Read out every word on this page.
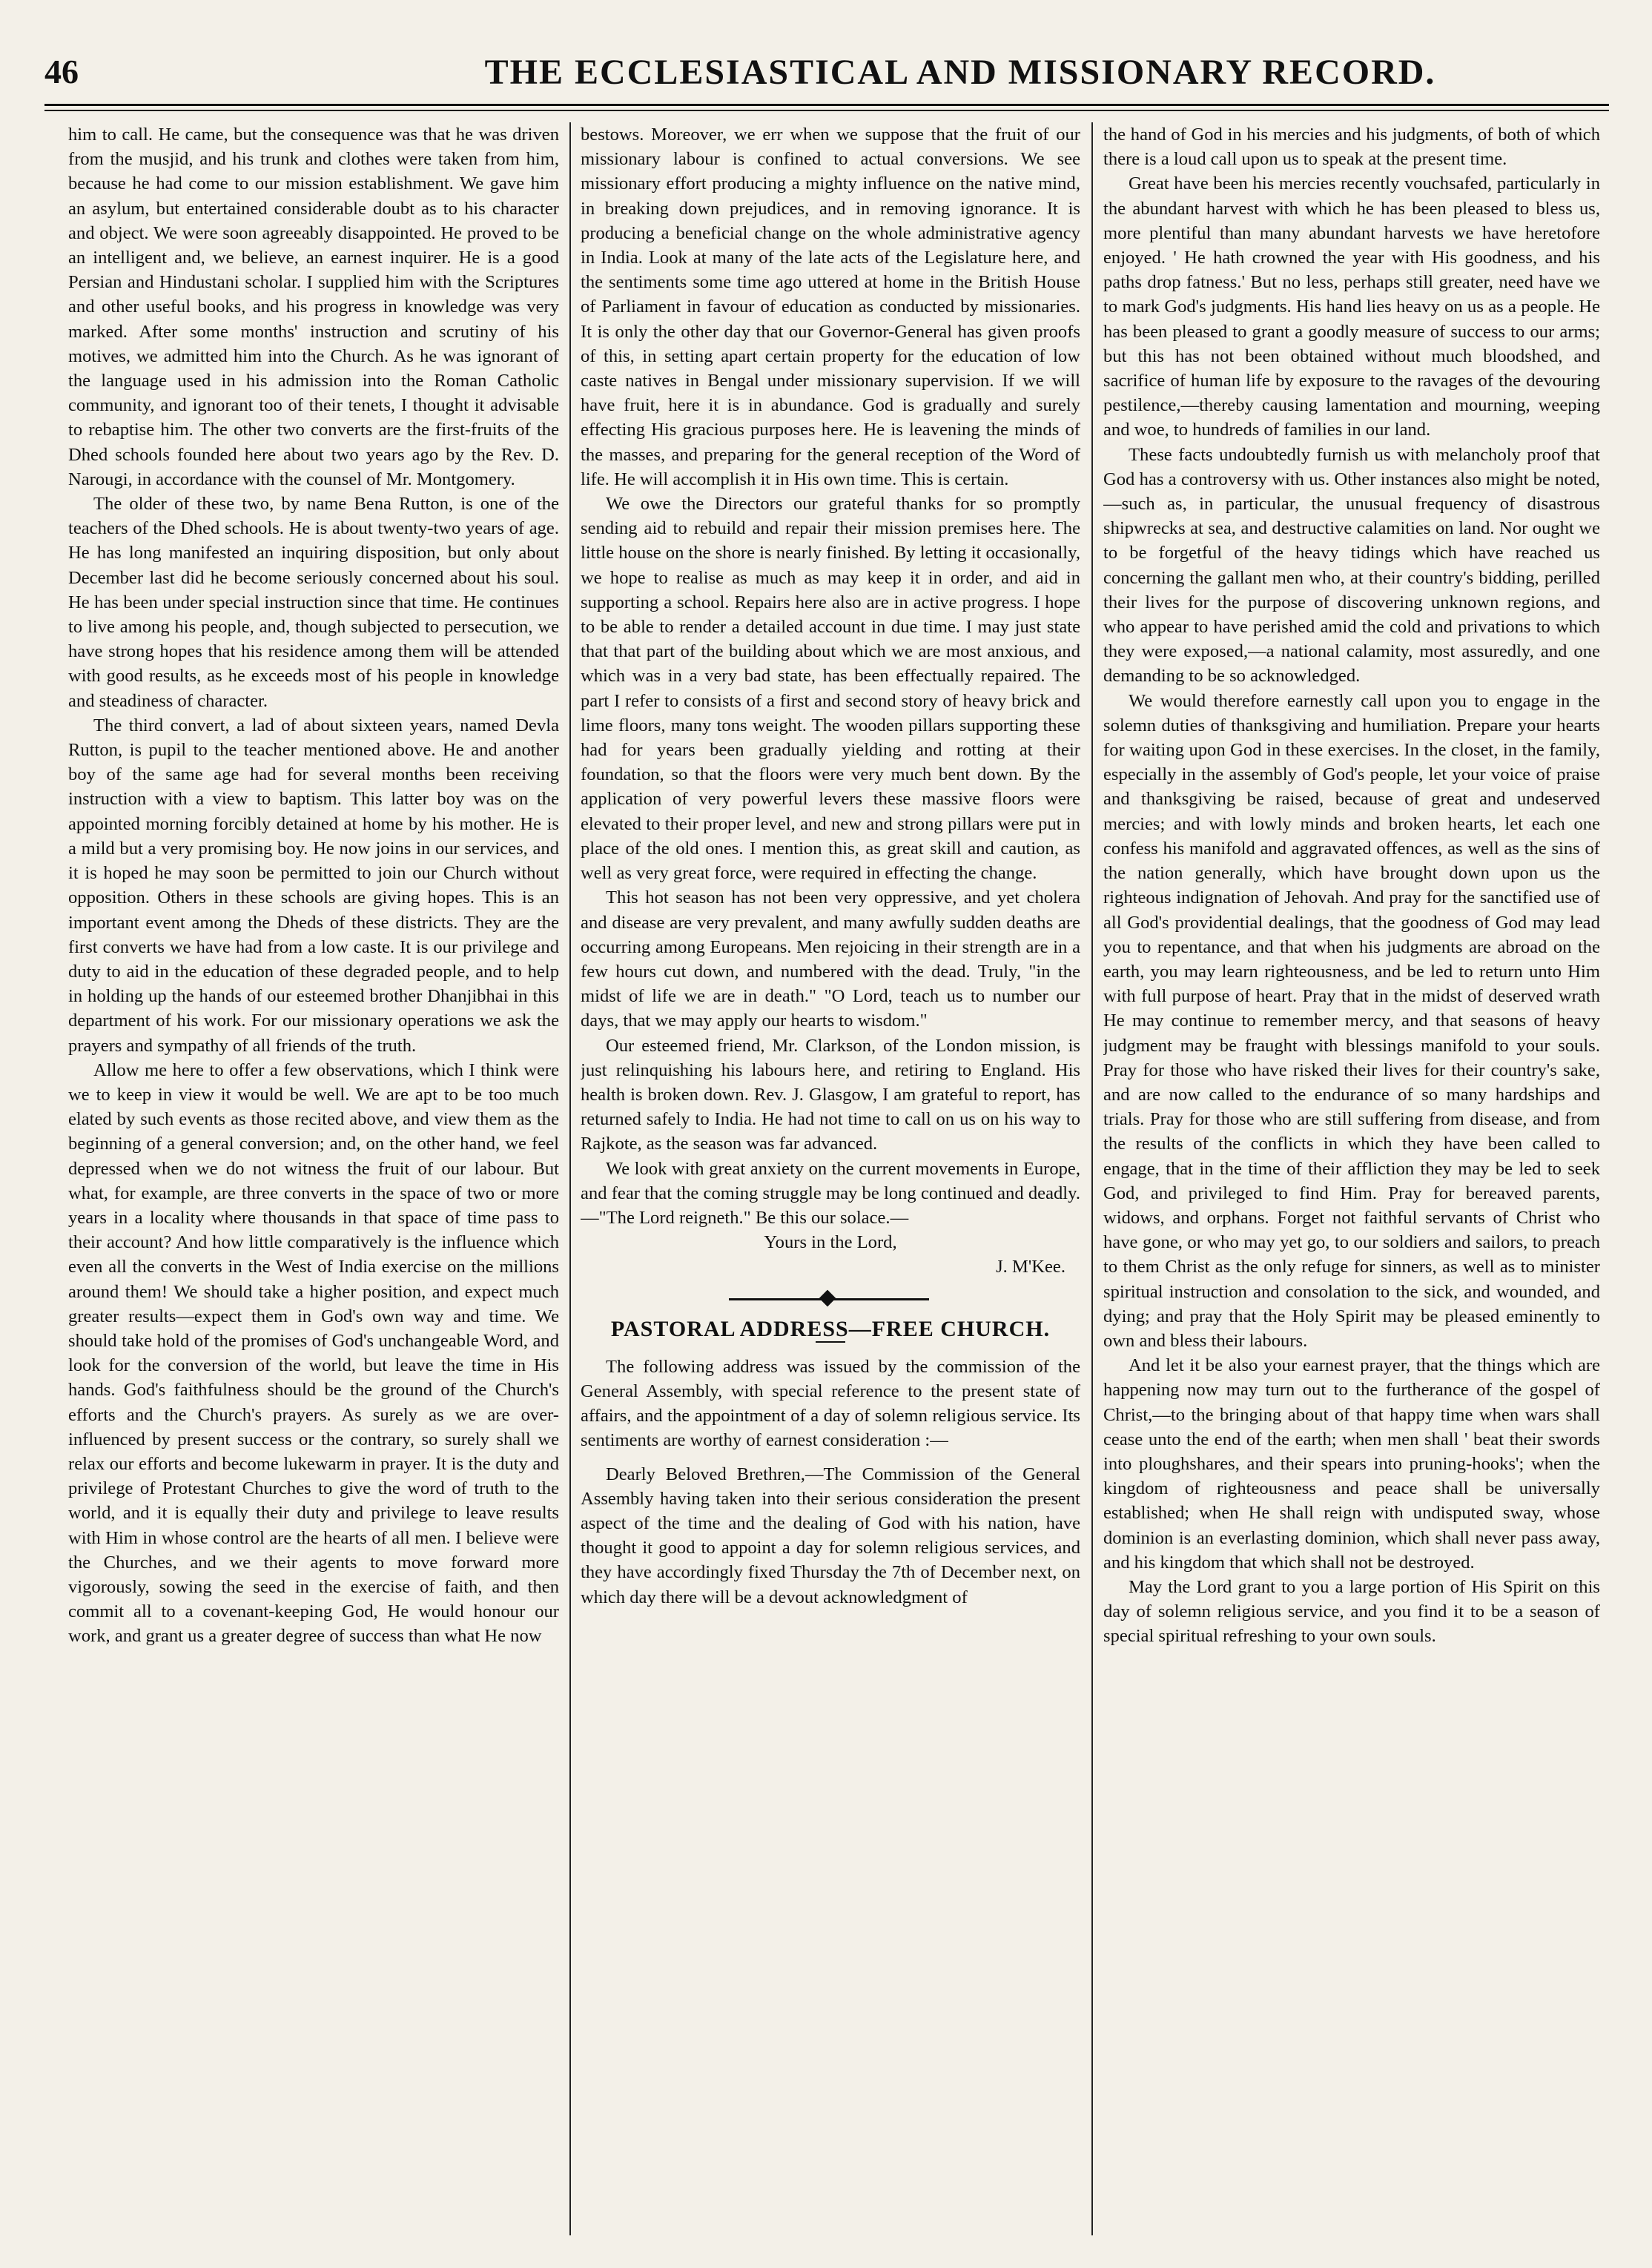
46	THE ECCLESIASTICAL AND MISSIONARY RECORD.

him to call. He came, but the consequence was that he was driven from the musjid, and his trunk and clothes were taken from him, because he had come to our mission establishment. We gave him an asylum, but entertained considerable doubt as to his character and object. We were soon agreeably disappointed. He proved to be an intelligent and, we believe, an earnest inquirer. He is a good Persian and Hindustani scholar. I supplied him with the Scriptures and other useful books, and his progress in knowledge was very marked. After some months' instruction and scrutiny of his motives, we admitted him into the Church. As he was ignorant of the language used in his admission into the Roman Catholic community, and ignorant too of their tenets, I thought it advisable to rebaptise him. The other two converts are the first-fruits of the Dhed schools founded here about two years ago by the Rev. D. Narougi, in accordance with the counsel of Mr. Montgomery.

The older of these two, by name Bena Rutton, is one of the teachers of the Dhed schools. He is about twenty-two years of age. He has long manifested an inquiring disposition, but only about December last did he become seriously concerned about his soul. He has been under special instruction since that time. He continues to live among his people, and, though subjected to persecution, we have strong hopes that his residence among them will be attended with good results, as he exceeds most of his people in knowledge and steadiness of character.

The third convert, a lad of about sixteen years, named Devla Rutton, is pupil to the teacher mentioned above. He and another boy of the same age had for several months been receiving instruction with a view to baptism. This latter boy was on the appointed morning forcibly detained at home by his mother. He is a mild but a very promising boy. He now joins in our services, and it is hoped he may soon be permitted to join our Church without opposition. Others in these schools are giving hopes. This is an important event among the Dheds of these districts. They are the first converts we have had from a low caste. It is our privilege and duty to aid in the education of these degraded people, and to help in holding up the hands of our esteemed brother Dhanjibhai in this department of his work. For our missionary operations we ask the prayers and sympathy of all friends of the truth.

Allow me here to offer a few observations, which I think were we to keep in view it would be well. We are apt to be too much elated by such events as those recited above, and view them as the beginning of a general conversion; and, on the other hand, we feel depressed when we do not witness the fruit of our labour. But what, for example, are three converts in the space of two or more years in a locality where thousands in that space of time pass to their account? And how little comparatively is the influence which even all the converts in the West of India exercise on the millions around them! We should take a higher position, and expect much greater results—expect them in God's own way and time. We should take hold of the promises of God's unchangeable Word, and look for the conversion of the world, but leave the time in His hands. God's faithfulness should be the ground of the Church's efforts and the Church's prayers. As surely as we are over-influenced by present success or the contrary, so surely shall we relax our efforts and become lukewarm in prayer. It is the duty and privilege of Protestant Churches to give the word of truth to the world, and it is equally their duty and privilege to leave results with Him in whose control are the hearts of all men. I believe were the Churches, and we their agents to move forward more vigorously, sowing the seed in the exercise of faith, and then commit all to a covenant-keeping God, He would honour our work, and grant us a greater degree of success than what He now

bestows. Moreover, we err when we suppose that the fruit of our missionary labour is confined to actual conversions. We see missionary effort producing a mighty influence on the native mind, in breaking down prejudices, and in removing ignorance. It is producing a beneficial change on the whole administrative agency in India. Look at many of the late acts of the Legislature here, and the sentiments some time ago uttered at home in the British House of Parliament in favour of education as conducted by missionaries. It is only the other day that our Governor-General has given proofs of this, in setting apart certain property for the education of low caste natives in Bengal under missionary supervision. If we will have fruit, here it is in abundance. God is gradually and surely effecting His gracious purposes here. He is leavening the minds of the masses, and preparing for the general reception of the Word of life. He will accomplish it in His own time. This is certain.

We owe the Directors our grateful thanks for so promptly sending aid to rebuild and repair their mission premises here. The little house on the shore is nearly finished. By letting it occasionally, we hope to realise as much as may keep it in order, and aid in supporting a school. Repairs here also are in active progress. I hope to be able to render a detailed account in due time. I may just state that that part of the building about which we are most anxious, and which was in a very bad state, has been effectually repaired. The part I refer to consists of a first and second story of heavy brick and lime floors, many tons weight. The wooden pillars supporting these had for years been gradually yielding and rotting at their foundation, so that the floors were very much bent down. By the application of very powerful levers these massive floors were elevated to their proper level, and new and strong pillars were put in place of the old ones. I mention this, as great skill and caution, as well as very great force, were required in effecting the change.

This hot season has not been very oppressive, and yet cholera and disease are very prevalent, and many awfully sudden deaths are occurring among Europeans. Men rejoicing in their strength are in a few hours cut down, and numbered with the dead. Truly, "in the midst of life we are in death." "O Lord, teach us to number our days, that we may apply our hearts to wisdom."

Our esteemed friend, Mr. Clarkson, of the London mission, is just relinquishing his labours here, and retiring to England. His health is broken down. Rev. J. Glasgow, I am grateful to report, has returned safely to India. He had not time to call on us on his way to Rajkote, as the season was far advanced.

We look with great anxiety on the current movements in Europe, and fear that the coming struggle may be long continued and deadly.—"The Lord reigneth." Be this our solace.—

Yours in the Lord,

J. M'Kee.

PASTORAL ADDRESS—FREE CHURCH.

The following address was issued by the commission of the General Assembly, with special reference to the present state of affairs, and the appointment of a day of solemn religious service. Its sentiments are worthy of earnest consideration :—

Dearly Beloved Brethren,—The Commission of the General Assembly having taken into their serious consideration the present aspect of the time and the dealing of God with his nation, have thought it good to appoint a day for solemn religious services, and they have accordingly fixed Thursday the 7th of December next, on which day there will be a devout acknowledgment of

the hand of God in his mercies and his judgments, of both of which there is a loud call upon us to speak at the present time.

Great have been his mercies recently vouchsafed, particularly in the abundant harvest with which he has been pleased to bless us, more plentiful than many abundant harvests we have heretofore enjoyed. ' He hath crowned the year with His goodness, and his paths drop fatness.' But no less, perhaps still greater, need have we to mark God's judgments. His hand lies heavy on us as a people. He has been pleased to grant a goodly measure of success to our arms; but this has not been obtained without much bloodshed, and sacrifice of human life by exposure to the ravages of the devouring pestilence,—thereby causing lamentation and mourning, weeping and woe, to hundreds of families in our land.

These facts undoubtedly furnish us with melancholy proof that God has a controversy with us. Other instances also might be noted,—such as, in particular, the unusual frequency of disastrous shipwrecks at sea, and destructive calamities on land. Nor ought we to be forgetful of the heavy tidings which have reached us concerning the gallant men who, at their country's bidding, perilled their lives for the purpose of discovering unknown regions, and who appear to have perished amid the cold and privations to which they were exposed,—a national calamity, most assuredly, and one demanding to be so acknowledged.

We would therefore earnestly call upon you to engage in the solemn duties of thanksgiving and humiliation. Prepare your hearts for waiting upon God in these exercises. In the closet, in the family, especially in the assembly of God's people, let your voice of praise and thanksgiving be raised, because of great and undeserved mercies; and with lowly minds and broken hearts, let each one confess his manifold and aggravated offences, as well as the sins of the nation generally, which have brought down upon us the righteous indignation of Jehovah. And pray for the sanctified use of all God's providential dealings, that the goodness of God may lead you to repentance, and that when his judgments are abroad on the earth, you may learn righteousness, and be led to return unto Him with full purpose of heart. Pray that in the midst of deserved wrath He may continue to remember mercy, and that seasons of heavy judgment may be fraught with blessings manifold to your souls. Pray for those who have risked their lives for their country's sake, and are now called to the endurance of so many hardships and trials. Pray for those who are still suffering from disease, and from the results of the conflicts in which they have been called to engage, that in the time of their affliction they may be led to seek God, and privileged to find Him. Pray for bereaved parents, widows, and orphans. Forget not faithful servants of Christ who have gone, or who may yet go, to our soldiers and sailors, to preach to them Christ as the only refuge for sinners, as well as to minister spiritual instruction and consolation to the sick, and wounded, and dying; and pray that the Holy Spirit may be pleased eminently to own and bless their labours.

And let it be also your earnest prayer, that the things which are happening now may turn out to the furtherance of the gospel of Christ,—to the bringing about of that happy time when wars shall cease unto the end of the earth; when men shall ' beat their swords into ploughshares, and their spears into pruning-hooks'; when the kingdom of righteousness and peace shall be universally established; when He shall reign with undisputed sway, whose dominion is an everlasting dominion, which shall never pass away, and his kingdom that which shall not be destroyed.

May the Lord grant to you a large portion of His Spirit on this day of solemn religious service, and you find it to be a season of special spiritual refreshing to your own souls.
